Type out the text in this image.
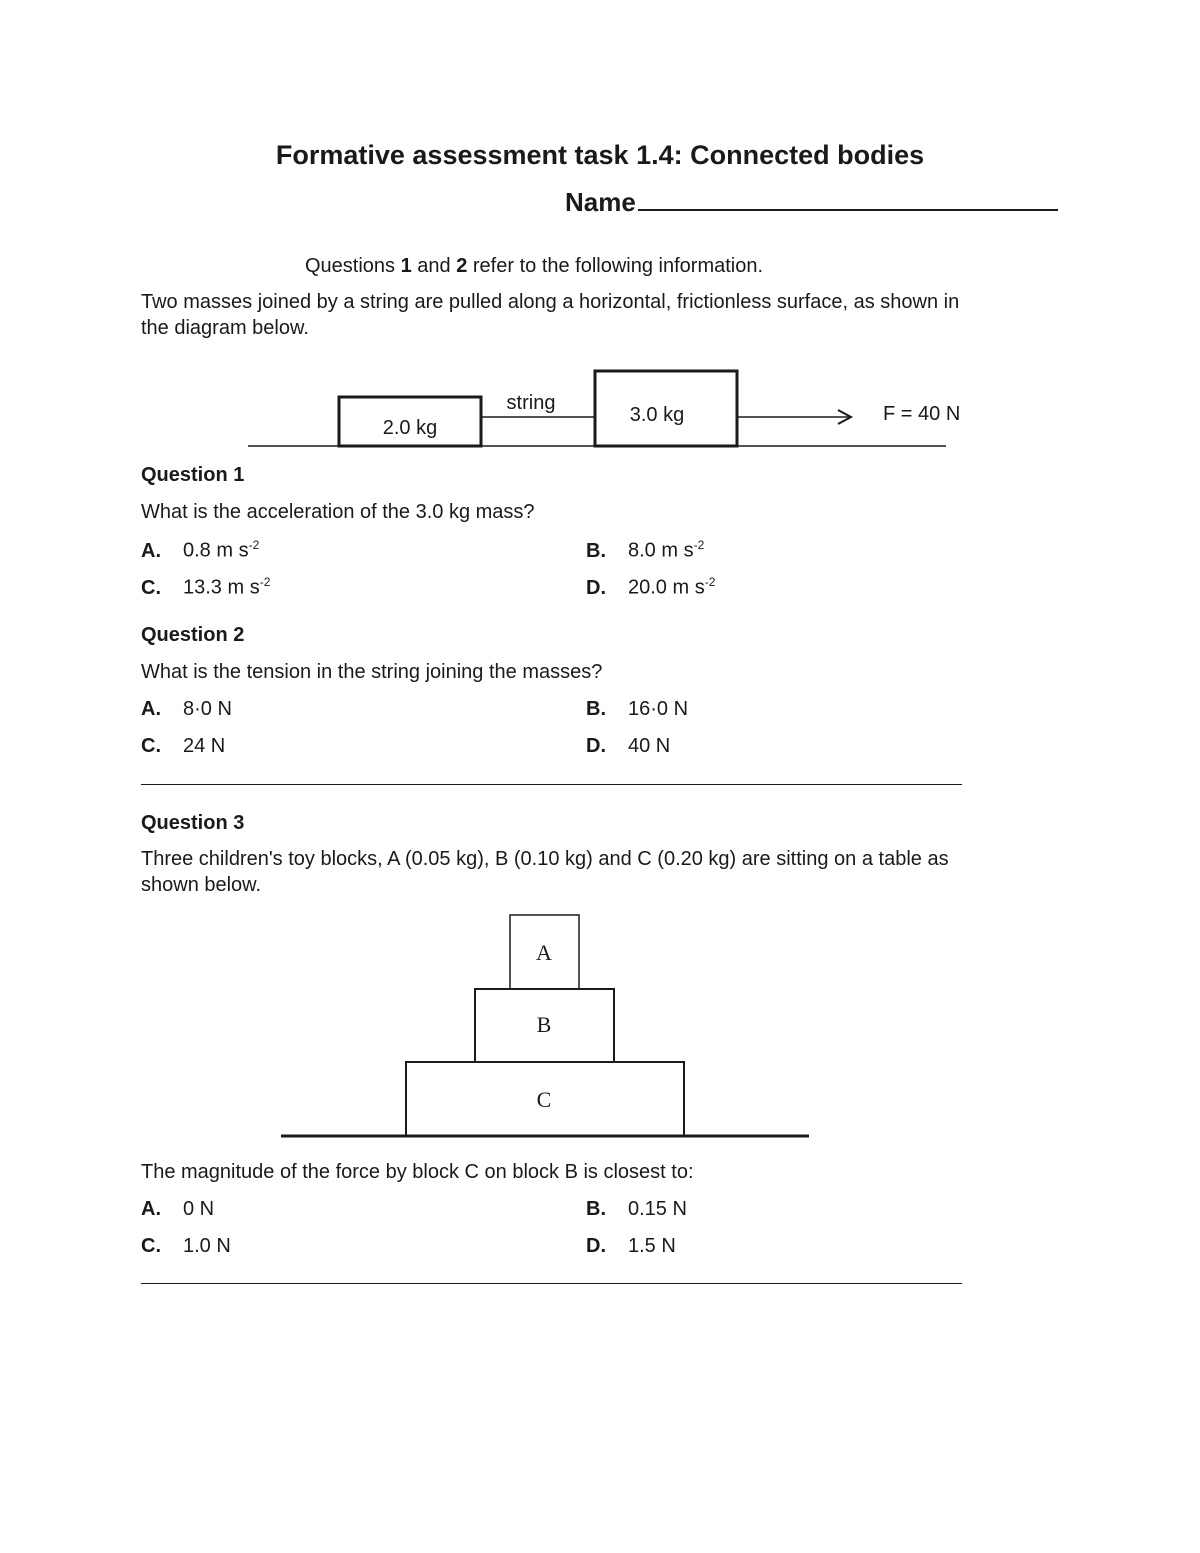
Formative assessment task 1.4: Connected bodies
Name
Questions 1 and 2 refer to the following information.
Two masses joined by a string are pulled along a horizontal, frictionless surface, as shown in the diagram below.
2.0 kg
string
3.0 kg	F = 40 N
Question 1
What is the acceleration of the 3.0 kg mass?
A. 0.8 m $s^{-2}$	B. 8.0 m $s^{-2}$
C. 13.3 m $s^{-2}$	D. 20.0 m $s^{-2}$
Question 2
What is the tension in the string joining the masses?
A. 8·0 N	B. 16·0 N
C. 24 N	D. 40 N
Question 3
Three children's toy blocks, A (0.05 kg), B (0.10 kg) and C (0.20 kg) are sitting on a table as shown below.
A
B
C
The magnitude of the force by block C on block B is closest to:
A. 0 N	B. 0.15 N
C. 1.0 N	D. 1.5 N
